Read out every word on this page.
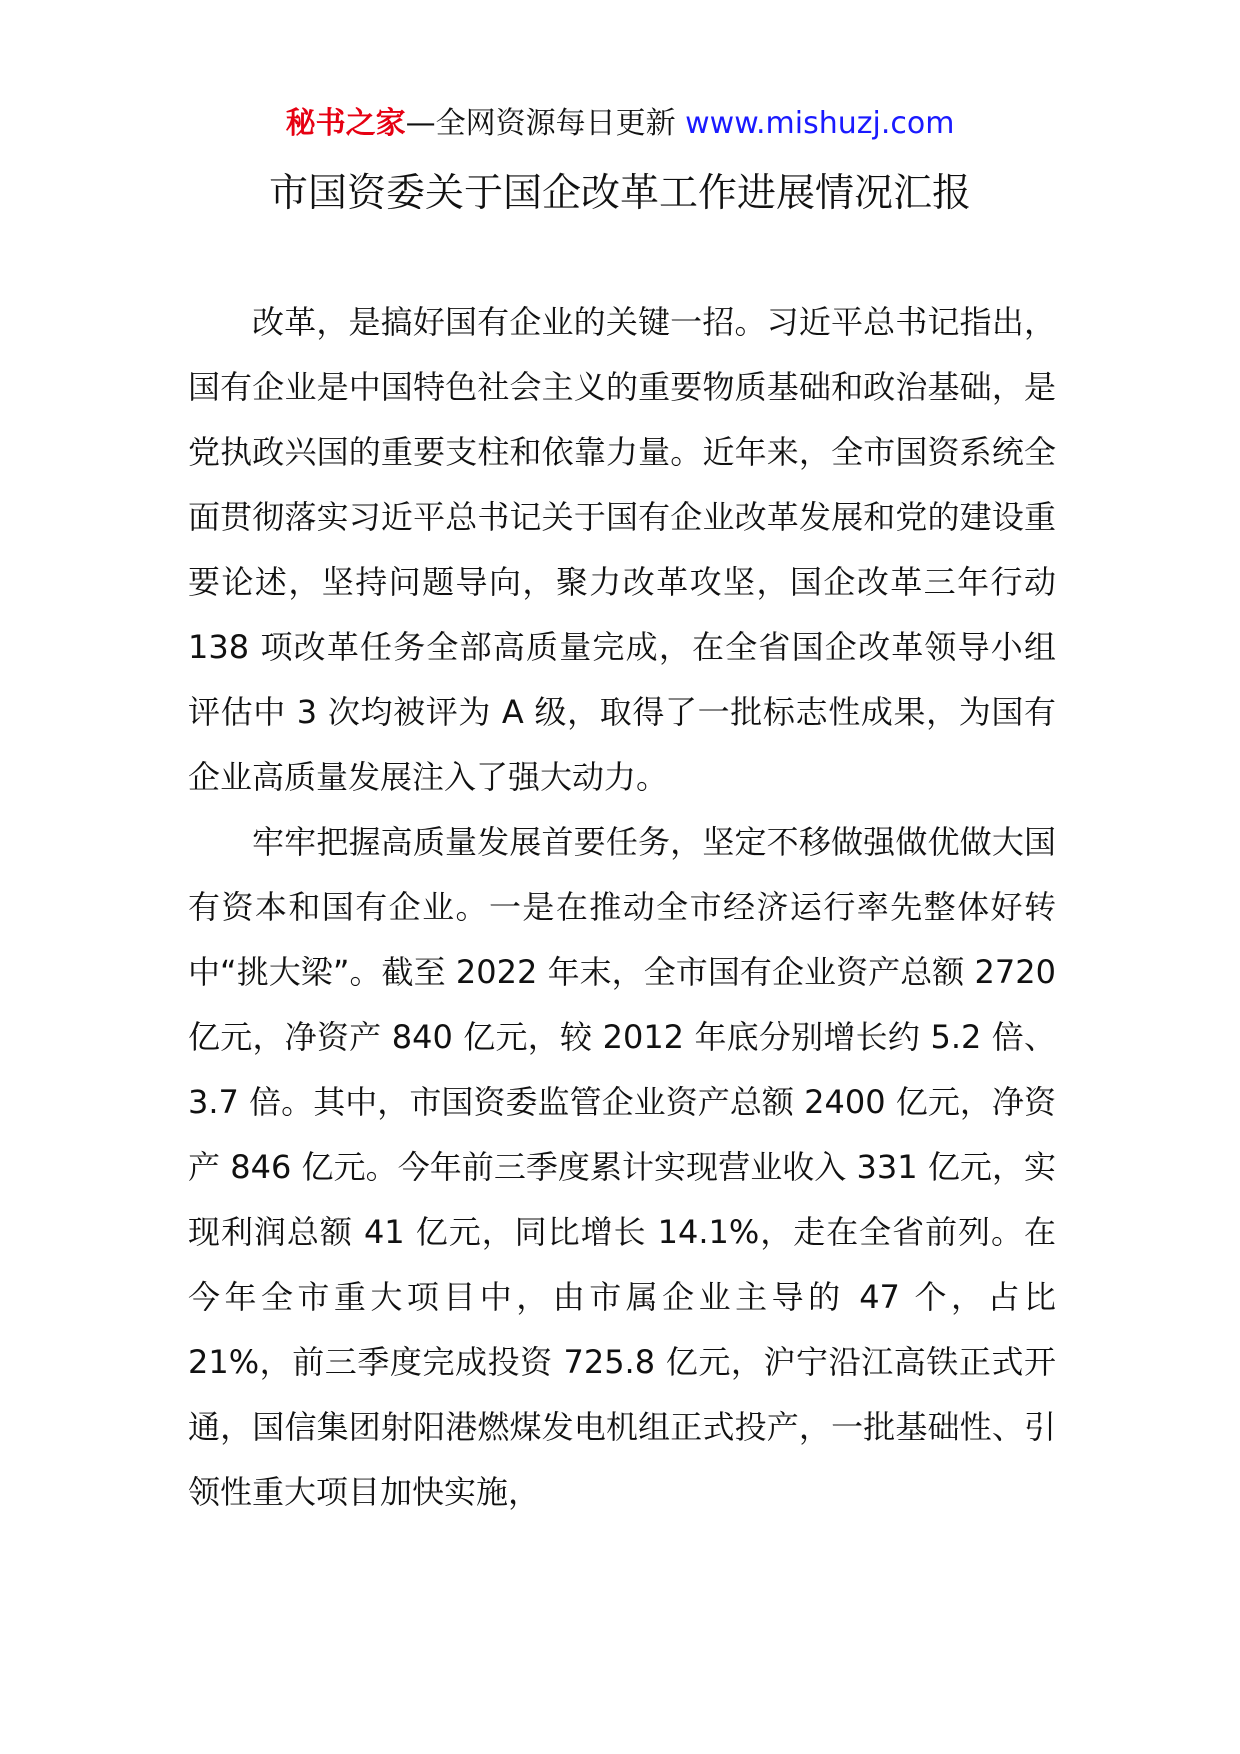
秘书之家—全网资源每日更新 www.mishuzj.com
市国资委关于国企改革工作进展情况汇报

改革，是搞好国有企业的关键一招。习近平总书记指出，国有企业是中国特色社会主义的重要物质基础和政治基础，是党执政兴国的重要支柱和依靠力量。近年来，全市国资系统全面贯彻落实习近平总书记关于国有企业改革发展和党的建设重要论述，坚持问题导向，聚力改革攻坚，国企改革三年行动 138 项改革任务全部高质量完成，在全省国企改革领导小组评估中 3 次均被评为 A 级，取得了一批标志性成果，为国有企业高质量发展注入了强大动力。

牢牢把握高质量发展首要任务，坚定不移做强做优做大国有资本和国有企业。一是在推动全市经济运行率先整体好转中“挑大梁”。截至 2022 年末，全市国有企业资产总额 2720 亿元，净资产 840 亿元，较 2012 年底分别增长约 5.2 倍、3.7 倍。其中，市国资委监管企业资产总额 2400 亿元，净资产 846 亿元。今年前三季度累计实现营业收入 331 亿元，实现利润总额 41 亿元，同比增长 14.1%，走在全省前列。在今年全市重大项目中，由市属企业主导的 47 个，占比 21%，前三季度完成投资 725.8 亿元，沪宁沿江高铁正式开通，国信集团射阳港燃煤发电机组正式投产，一批基础性、引领性重大项目加快实施，
